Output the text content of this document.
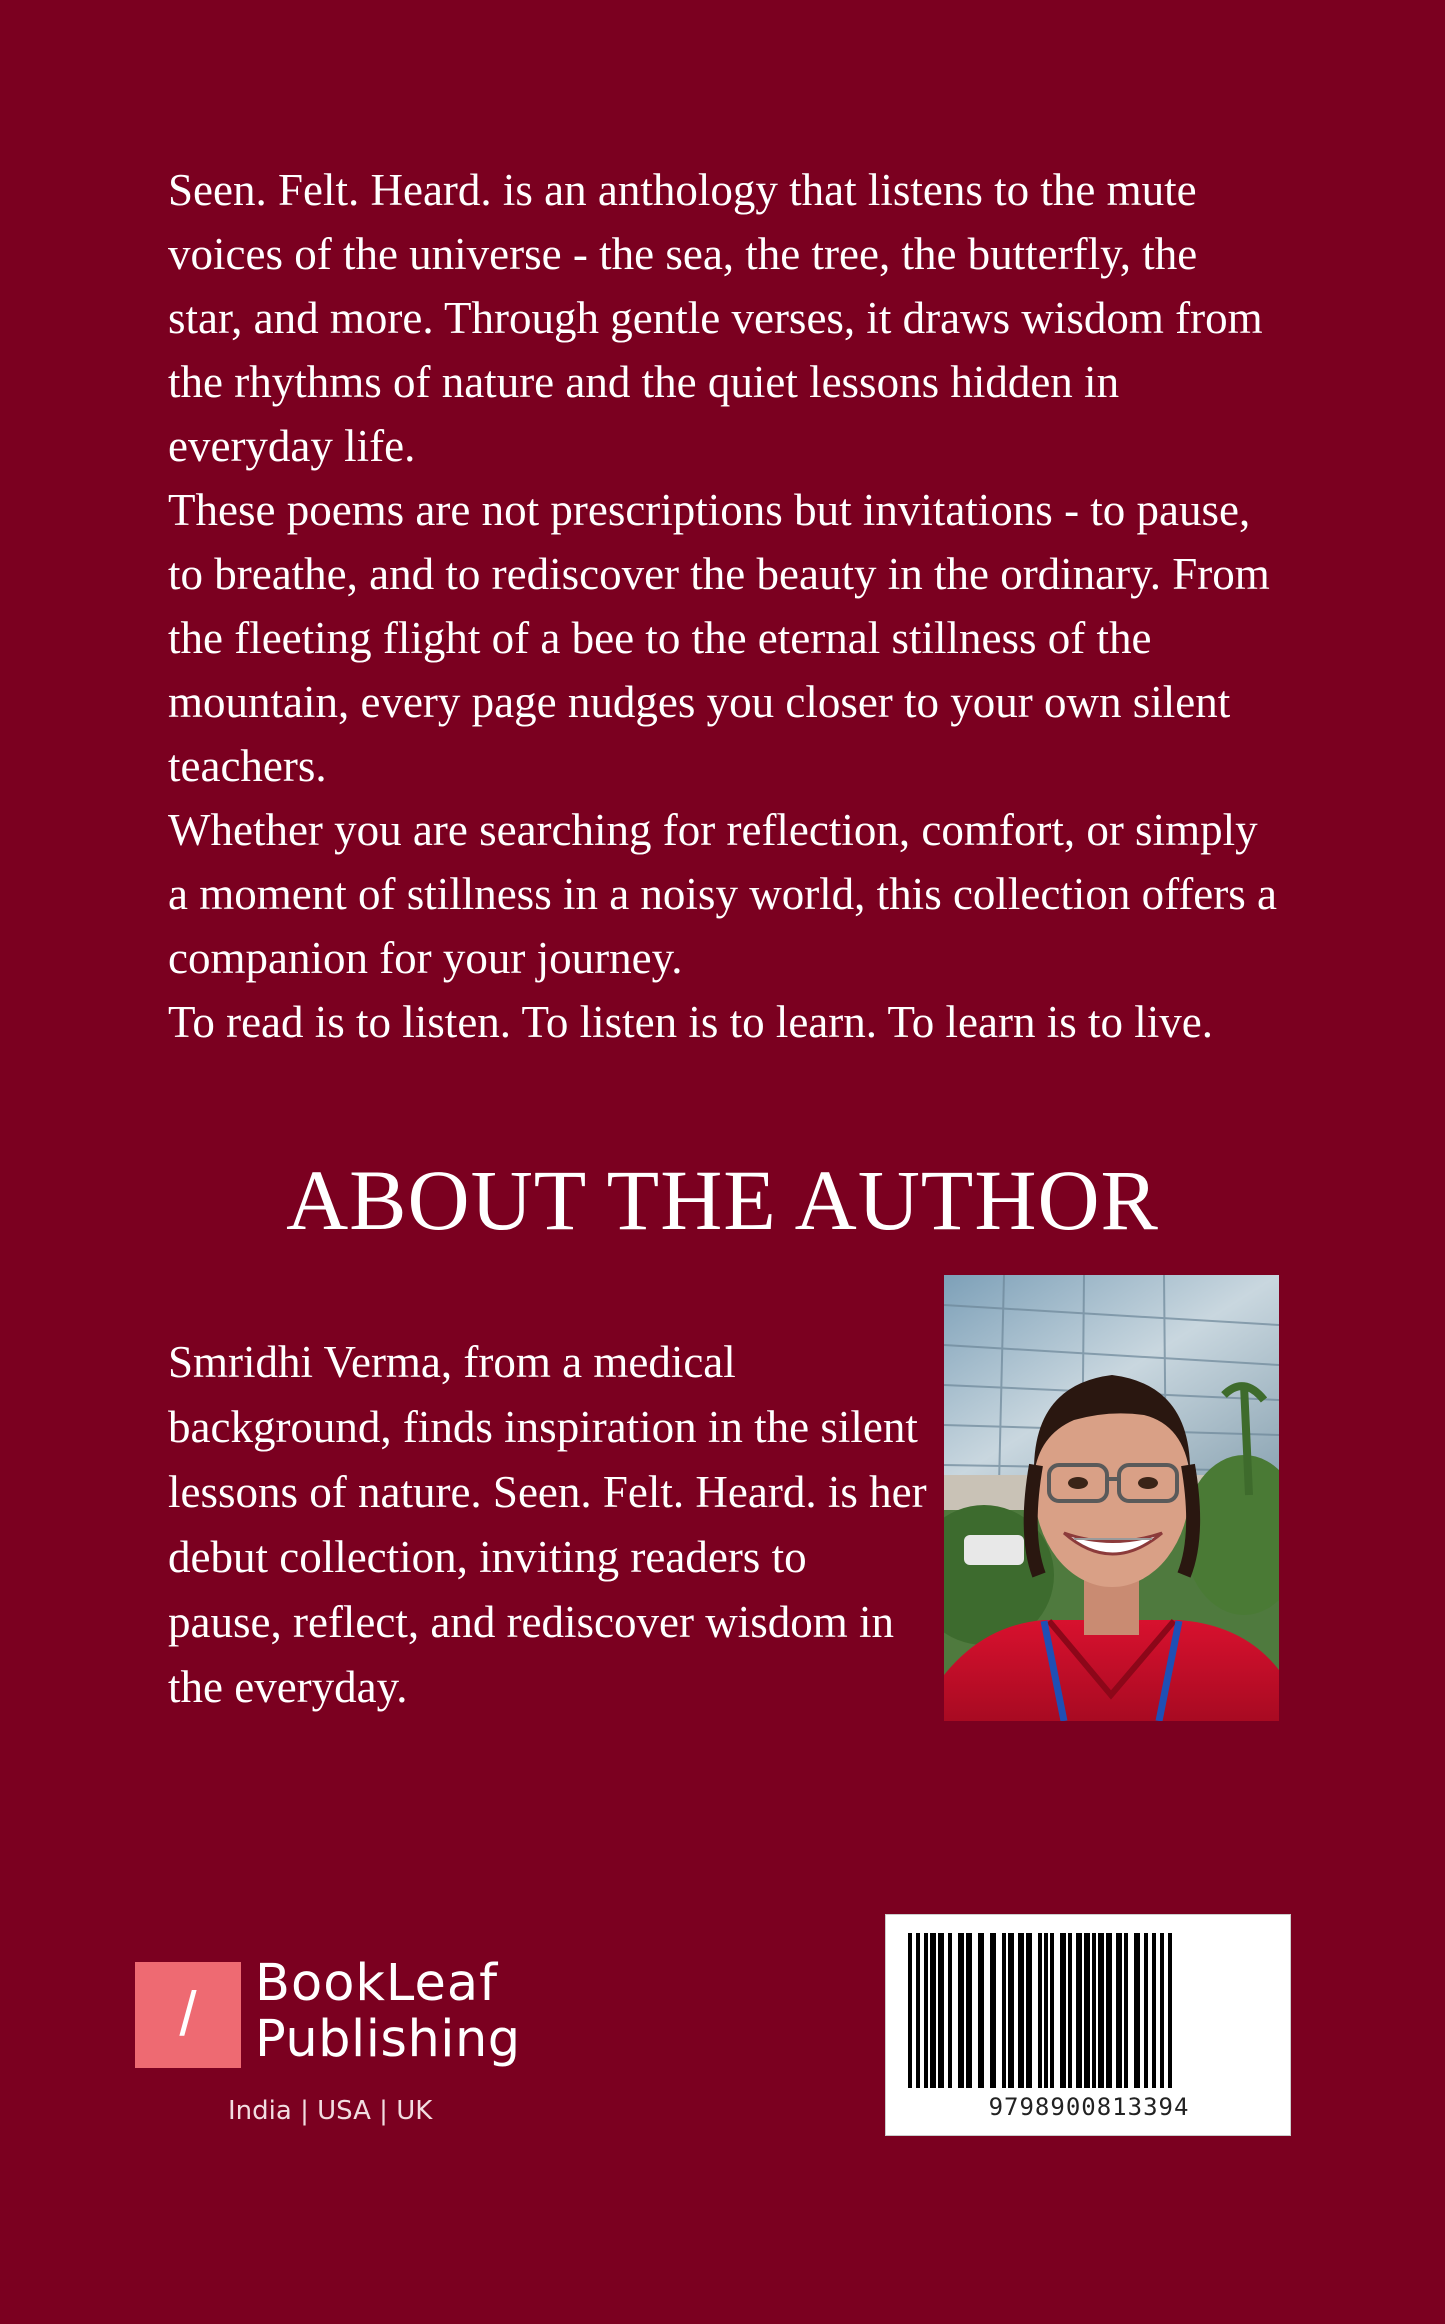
Seen. Felt. Heard. is an anthology that listens to the mute voices of the universe - the sea, the tree, the butterfly, the star, and more. Through gentle verses, it draws wisdom from the rhythms of nature and the quiet lessons hidden in everyday life.

These poems are not prescriptions but invitations - to pause, to breathe, and to rediscover the beauty in the ordinary. From the fleeting flight of a bee to the eternal stillness of the mountain, every page nudges you closer to your own silent teachers.

Whether you are searching for reflection, comfort, or simply a moment of stillness in a noisy world, this collection offers a companion for your journey.

To read is to listen. To listen is to learn. To learn is to live.

ABOUT THE AUTHOR
Smridhi Verma, from a medical background, finds inspiration in the silent lessons of nature. Seen. Felt. Heard. is her debut collection, inviting readers to pause, reflect, and rediscover wisdom in the everyday.
/	BookLeaf
Publishing
India | USA | UK	9798900813394
